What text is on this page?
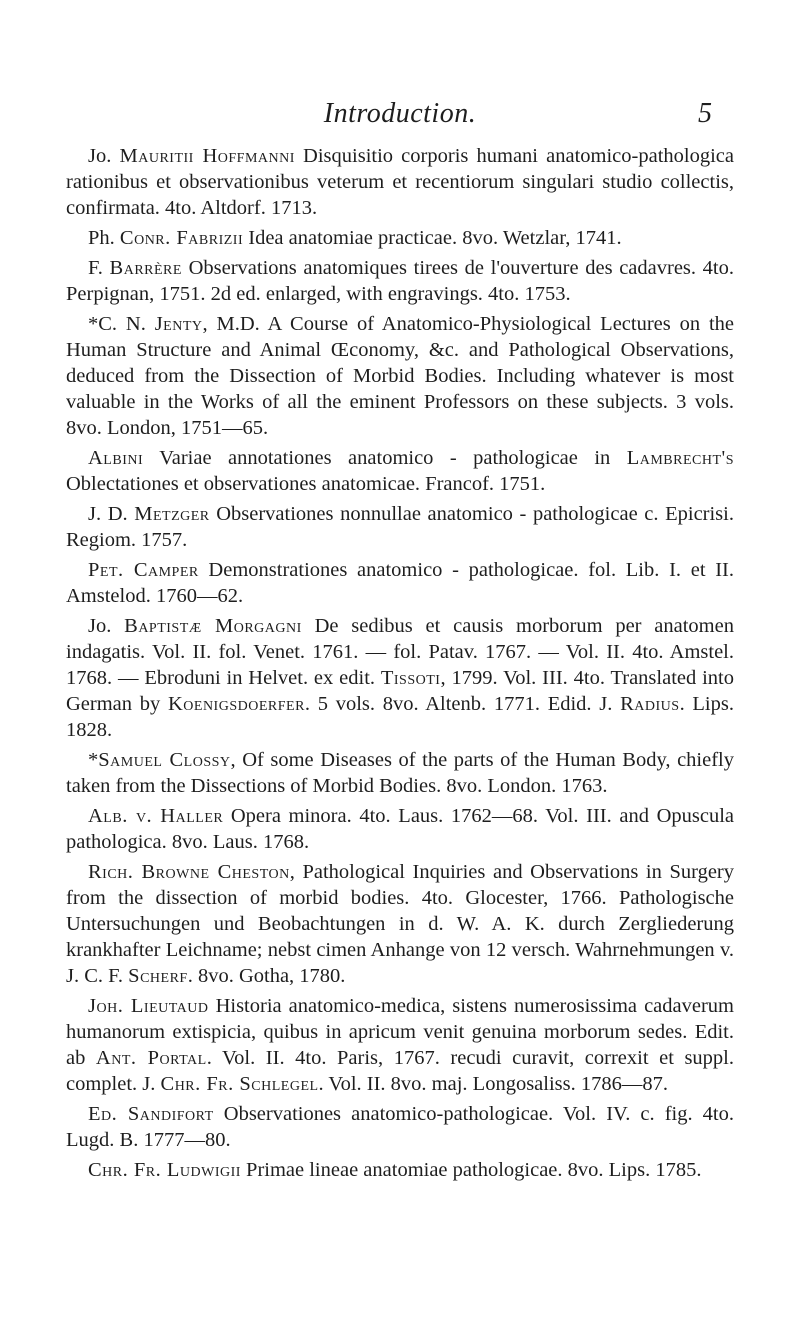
Introduction.	5

Jo. Mauritii Hoffmanni Disquisitio corporis humani anatomico-pathologica rationibus et observationibus veterum et recentiorum singulari studio collectis, confirmata. 4to. Altdorf. 1713.

Ph. Conr. Fabrizii Idea anatomiae practicae. 8vo. Wetzlar, 1741.

F. Barrère Observations anatomiques tirees de l'ouverture des cadavres. 4to. Perpignan, 1751. 2d ed. enlarged, with engravings. 4to. 1753.

*C. N. Jenty, M.D. A Course of Anatomico-Physiological Lectures on the Human Structure and Animal Œconomy, &c. and Pathological Observations, deduced from the Dissection of Morbid Bodies. Including whatever is most valuable in the Works of all the eminent Professors on these subjects. 3 vols. 8vo. London, 1751—65.

Albini Variae annotationes anatomico - pathologicae in Lambrecht's Oblectationes et observationes anatomicae. Francof. 1751.

J. D. Metzger Observationes nonnullae anatomico - pathologicae c. Epicrisi. Regiom. 1757.

Pet. Camper Demonstrationes anatomico - pathologicae. fol. Lib. I. et II. Amstelod. 1760—62.

Jo. Baptistæ Morgagni De sedibus et causis morborum per anatomen indagatis. Vol. II. fol. Venet. 1761. — fol. Patav. 1767. — Vol. II. 4to. Amstel. 1768. — Ebroduni in Helvet. ex edit. Tissoti, 1799. Vol. III. 4to. Translated into German by Koenigsdoerfer. 5 vols. 8vo. Altenb. 1771. Edid. J. Radius. Lips. 1828.

*Samuel Clossy, Of some Diseases of the parts of the Human Body, chiefly taken from the Dissections of Morbid Bodies. 8vo. London. 1763.

Alb. v. Haller Opera minora. 4to. Laus. 1762—68. Vol. III. and Opuscula pathologica. 8vo. Laus. 1768.

Rich. Browne Cheston, Pathological Inquiries and Observations in Surgery from the dissection of morbid bodies. 4to. Glocester, 1766. Pathologische Untersuchungen und Beobachtungen in d. W. A. K. durch Zergliederung krankhafter Leichname; nebst cimen Anhange von 12 versch. Wahrnehmungen v. J. C. F. Scherf. 8vo. Gotha, 1780.

Joh. Lieutaud Historia anatomico-medica, sistens numerosissima cadaverum humanorum extispicia, quibus in apricum venit genuina morborum sedes. Edit. ab Ant. Portal. Vol. II. 4to. Paris, 1767. recudi curavit, correxit et suppl. complet. J. Chr. Fr. Schlegel. Vol. II. 8vo. maj. Longosaliss. 1786—87.

Ed. Sandifort Observationes anatomico-pathologicae. Vol. IV. c. fig. 4to. Lugd. B. 1777—80.

Chr. Fr. Ludwigii Primae lineae anatomiae pathologicae. 8vo. Lips. 1785.
